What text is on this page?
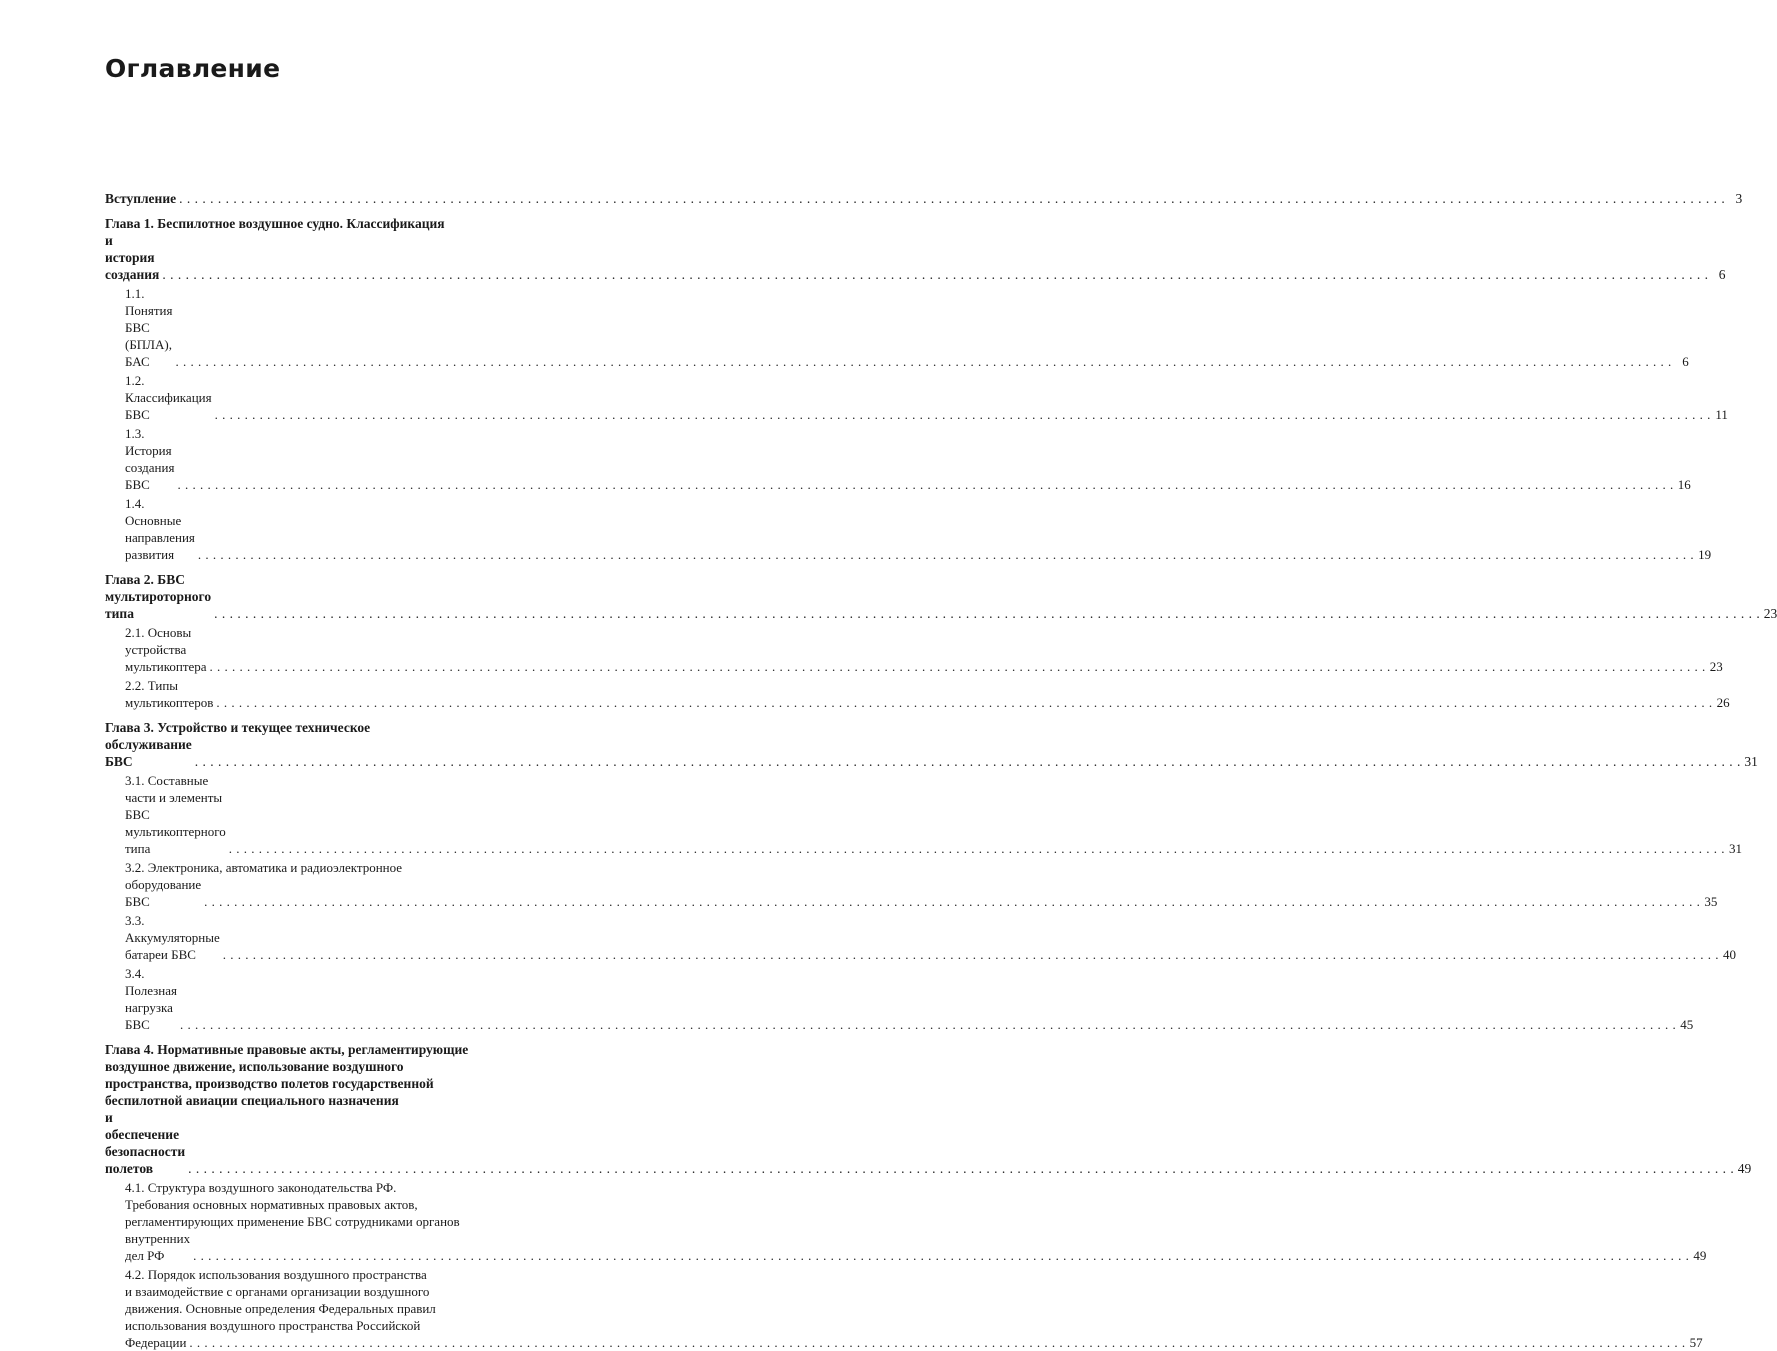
Оглавление
Вступление . . . . . . . . . . . . . . . . . . . . . . . . . . . . . . . . . . . . . . . . . . . . . . . . . . . . . . . . . . . . . . . . . . . . . . . . . . . . . . . . . . . . . . . . . . . . . . . . . . . . . . . . . . . . . . . . . . . . . . . . . . . . . . . . . . . . . . . . . . . . . . . . . . . . . . . . . . . . . . . . . . . . . . . . . . . . . . . . . . . . . . . . . . . . . . . . . . . . . . . . 3
Глава 1. Беспилотное воздушное судно. Классификация
и история создания . . . . . . . . . . . . . . . . . . . . . . . . . . . . . . . . . . . . . . . . . . . . . . . . . . . . . . . . . . . . . . . . . . . . . . . . . . . . . . . . . . . . . . . . . . . . . . . . . . . . . . . . . . . . . . . . . . . . . . . . . . . . . . . . . . . . . . . . . . . . . . . . . . . . . . . . . . . . . . . . . . . . . . . . . . . . . . . . . . . . . . . . . . . . . . . . . . . . . . . . 6
1.1. Понятия БВС (БПЛА), БАС	. . . . . . . . . . . . . . . . . . . . . . . . . . . . . . . . . . . . . . . . . . . . . . . . . . . . . . . . . . . . . . . . . . . . . . . . . . . . . . . . . . . . . . . . . . . . . . . . . . . . . . . . . . . . . . . . . . . . . . . . . . . . . . . . . . . . . . . . . . . . . . . . . . . . . . . . . . . . . . . . . . . . . . . . . . . . . . . . . . . . . . . . . . . . . . . . . . . . . . . . 6
1.2. Классификация БВС	. . . . . . . . . . . . . . . . . . . . . . . . . . . . . . . . . . . . . . . . . . . . . . . . . . . . . . . . . . . . . . . . . . . . . . . . . . . . . . . . . . . . . . . . . . . . . . . . . . . . . . . . . . . . . . . . . . . . . . . . . . . . . . . . . . . . . . . . . . . . . . . . . . . . . . . . . . . . . . . . . . . . . . . . . . . . . . . . . . . . . . . . . . . . . . . . . . . . . . . . 11
1.3. История создания БВС	. . . . . . . . . . . . . . . . . . . . . . . . . . . . . . . . . . . . . . . . . . . . . . . . . . . . . . . . . . . . . . . . . . . . . . . . . . . . . . . . . . . . . . . . . . . . . . . . . . . . . . . . . . . . . . . . . . . . . . . . . . . . . . . . . . . . . . . . . . . . . . . . . . . . . . . . . . . . . . . . . . . . . . . . . . . . . . . . . . . . . . . . . . . . . . . . . . . . . . . . 16
1.4. Основные направления развития	. . . . . . . . . . . . . . . . . . . . . . . . . . . . . . . . . . . . . . . . . . . . . . . . . . . . . . . . . . . . . . . . . . . . . . . . . . . . . . . . . . . . . . . . . . . . . . . . . . . . . . . . . . . . . . . . . . . . . . . . . . . . . . . . . . . . . . . . . . . . . . . . . . . . . . . . . . . . . . . . . . . . . . . . . . . . . . . . . . . . . . . . . . . . . . . . . . . . . . . . 19
Глава 2. БВС мультироторного типа	. . . . . . . . . . . . . . . . . . . . . . . . . . . . . . . . . . . . . . . . . . . . . . . . . . . . . . . . . . . . . . . . . . . . . . . . . . . . . . . . . . . . . . . . . . . . . . . . . . . . . . . . . . . . . . . . . . . . . . . . . . . . . . . . . . . . . . . . . . . . . . . . . . . . . . . . . . . . . . . . . . . . . . . . . . . . . . . . . . . . . . . . . . . . . . . . . . . . . . . . 23
2.1. Основы устройства мультикоптера . . . . . . . . . . . . . . . . . . . . . . . . . . . . . . . . . . . . . . . . . . . . . . . . . . . . . . . . . . . . . . . . . . . . . . . . . . . . . . . . . . . . . . . . . . . . . . . . . . . . . . . . . . . . . . . . . . . . . . . . . . . . . . . . . . . . . . . . . . . . . . . . . . . . . . . . . . . . . . . . . . . . . . . . . . . . . . . . . . . . . . . . . . . . . . . . . . . . . . . . 23
2.2. Типы мультикоптеров . . . . . . . . . . . . . . . . . . . . . . . . . . . . . . . . . . . . . . . . . . . . . . . . . . . . . . . . . . . . . . . . . . . . . . . . . . . . . . . . . . . . . . . . . . . . . . . . . . . . . . . . . . . . . . . . . . . . . . . . . . . . . . . . . . . . . . . . . . . . . . . . . . . . . . . . . . . . . . . . . . . . . . . . . . . . . . . . . . . . . . . . . . . . . . . . . . . . . . . . 26
Глава 3. Устройство и текущее техническое
обслуживание БВС	. . . . . . . . . . . . . . . . . . . . . . . . . . . . . . . . . . . . . . . . . . . . . . . . . . . . . . . . . . . . . . . . . . . . . . . . . . . . . . . . . . . . . . . . . . . . . . . . . . . . . . . . . . . . . . . . . . . . . . . . . . . . . . . . . . . . . . . . . . . . . . . . . . . . . . . . . . . . . . . . . . . . . . . . . . . . . . . . . . . . . . . . . . . . . . . . . . . . . . . . 31
3.1. Составные части и элементы БВС мультикоптерного типа	. . . . . . . . . . . . . . . . . . . . . . . . . . . . . . . . . . . . . . . . . . . . . . . . . . . . . . . . . . . . . . . . . . . . . . . . . . . . . . . . . . . . . . . . . . . . . . . . . . . . . . . . . . . . . . . . . . . . . . . . . . . . . . . . . . . . . . . . . . . . . . . . . . . . . . . . . . . . . . . . . . . . . . . . . . . . . . . . . . . . . . . . . . . . . . . . . . . . . . . . 31
3.2. Электроника, автоматика и радиоэлектронное
оборудование БВС	. . . . . . . . . . . . . . . . . . . . . . . . . . . . . . . . . . . . . . . . . . . . . . . . . . . . . . . . . . . . . . . . . . . . . . . . . . . . . . . . . . . . . . . . . . . . . . . . . . . . . . . . . . . . . . . . . . . . . . . . . . . . . . . . . . . . . . . . . . . . . . . . . . . . . . . . . . . . . . . . . . . . . . . . . . . . . . . . . . . . . . . . . . . . . . . . . . . . . . . . 35
3.3. Аккумуляторные батареи БВС	. . . . . . . . . . . . . . . . . . . . . . . . . . . . . . . . . . . . . . . . . . . . . . . . . . . . . . . . . . . . . . . . . . . . . . . . . . . . . . . . . . . . . . . . . . . . . . . . . . . . . . . . . . . . . . . . . . . . . . . . . . . . . . . . . . . . . . . . . . . . . . . . . . . . . . . . . . . . . . . . . . . . . . . . . . . . . . . . . . . . . . . . . . . . . . . . . . . . . . . . 40
3.4. Полезная нагрузка БВС	. . . . . . . . . . . . . . . . . . . . . . . . . . . . . . . . . . . . . . . . . . . . . . . . . . . . . . . . . . . . . . . . . . . . . . . . . . . . . . . . . . . . . . . . . . . . . . . . . . . . . . . . . . . . . . . . . . . . . . . . . . . . . . . . . . . . . . . . . . . . . . . . . . . . . . . . . . . . . . . . . . . . . . . . . . . . . . . . . . . . . . . . . . . . . . . . . . . . . . . . 45
Глава 4. Нормативные правовые акты, регламентирующие
воздушное движение, использование воздушного
пространства, производство полетов государственной
беспилотной авиации специального назначения
и обеспечение безопасности полетов	. . . . . . . . . . . . . . . . . . . . . . . . . . . . . . . . . . . . . . . . . . . . . . . . . . . . . . . . . . . . . . . . . . . . . . . . . . . . . . . . . . . . . . . . . . . . . . . . . . . . . . . . . . . . . . . . . . . . . . . . . . . . . . . . . . . . . . . . . . . . . . . . . . . . . . . . . . . . . . . . . . . . . . . . . . . . . . . . . . . . . . . . . . . . . . . . . . . . . . . . 49
4.1. Структура воздушного законодательства РФ.
Требования основных нормативных правовых актов,
регламентирующих применение БВС сотрудниками органов
внутренних дел РФ	. . . . . . . . . . . . . . . . . . . . . . . . . . . . . . . . . . . . . . . . . . . . . . . . . . . . . . . . . . . . . . . . . . . . . . . . . . . . . . . . . . . . . . . . . . . . . . . . . . . . . . . . . . . . . . . . . . . . . . . . . . . . . . . . . . . . . . . . . . . . . . . . . . . . . . . . . . . . . . . . . . . . . . . . . . . . . . . . . . . . . . . . . . . . . . . . . . . . . . . . 49
4.2. Порядок использования воздушного пространства
и взаимодействие с органами организации воздушного
движения. Основные определения Федеральных правил
использования воздушного пространства Российской
Федерации . . . . . . . . . . . . . . . . . . . . . . . . . . . . . . . . . . . . . . . . . . . . . . . . . . . . . . . . . . . . . . . . . . . . . . . . . . . . . . . . . . . . . . . . . . . . . . . . . . . . . . . . . . . . . . . . . . . . . . . . . . . . . . . . . . . . . . . . . . . . . . . . . . . . . . . . . . . . . . . . . . . . . . . . . . . . . . . . . . . . . . . . . . . . . . . . . . . . . . . . 57
